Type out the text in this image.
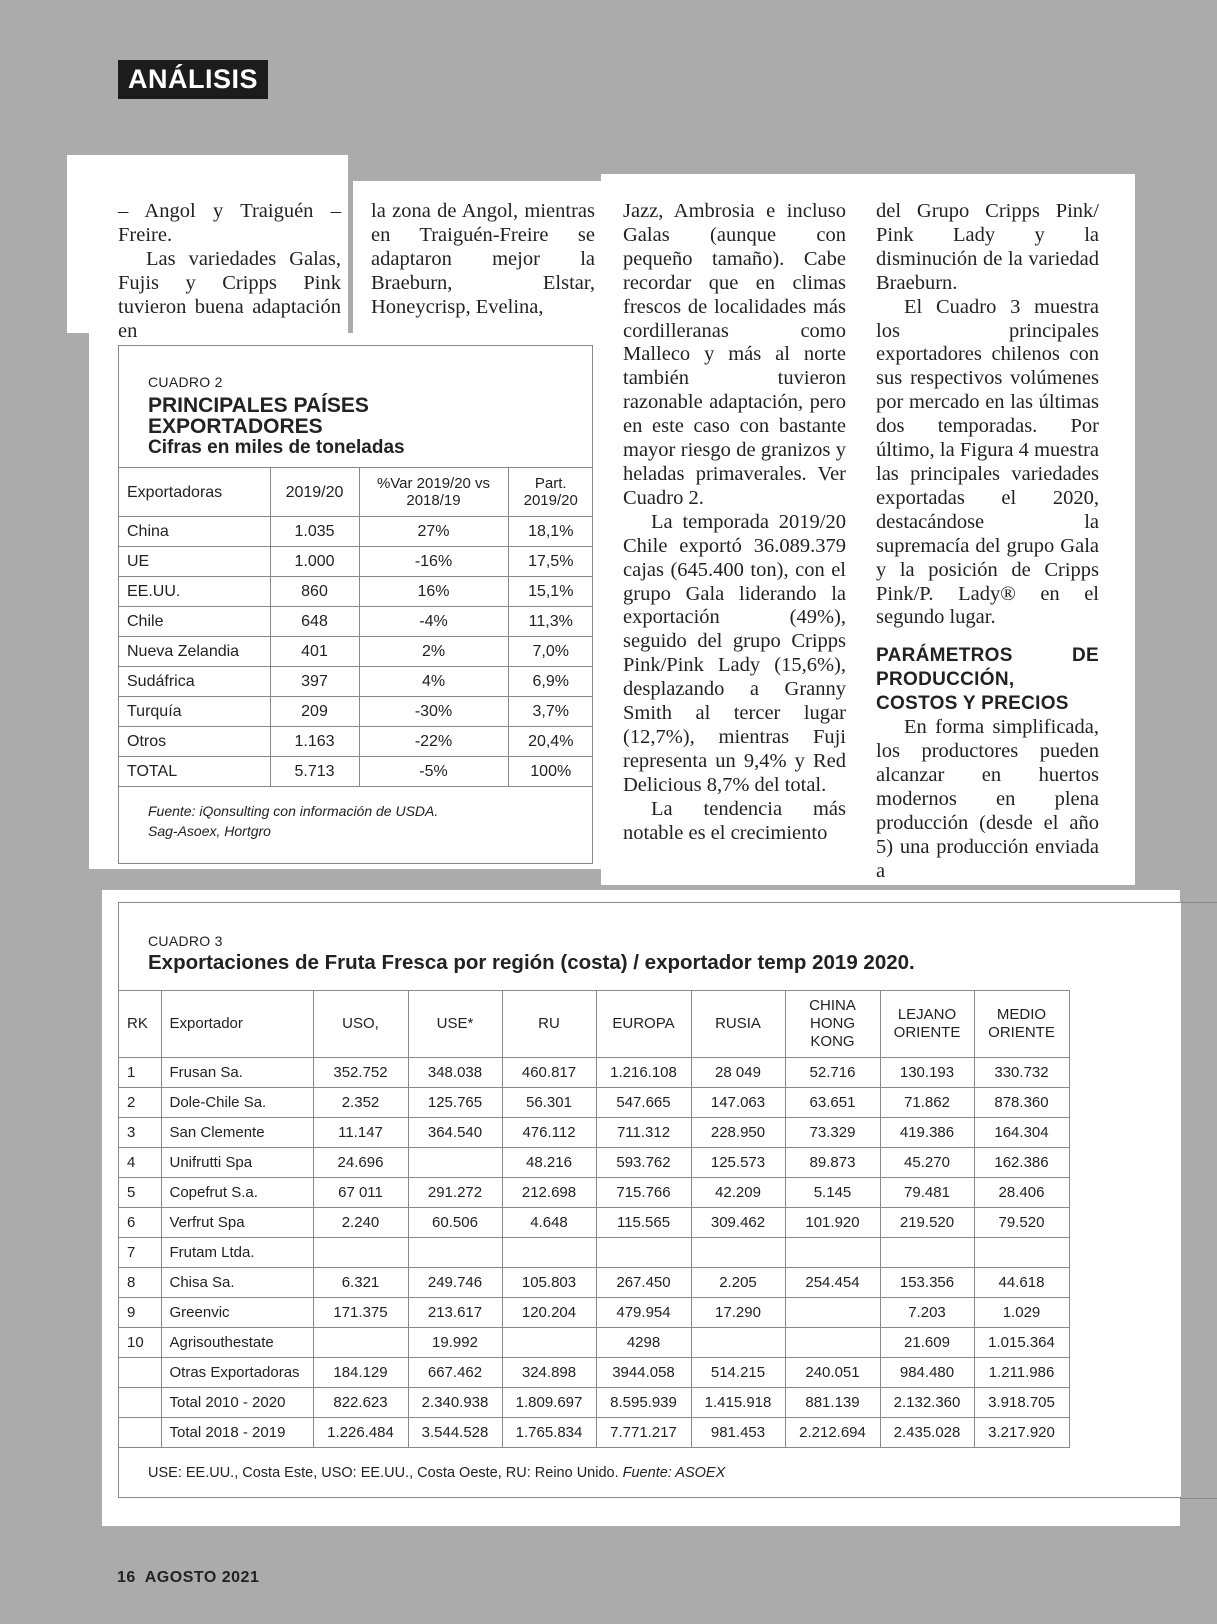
ANÁLISIS

– Angol y Traiguén – Freire.

Las variedades Galas, Fujis y Cripps Pink tuvieron buena adaptación en

la zona de Angol, mientras en Traiguén-Freire se adaptaron mejor la Braeburn, Elstar, Honeycrisp, Evelina,

Jazz, Ambrosia e incluso Galas (aunque con pequeño tamaño). Cabe recordar que en climas frescos de localidades más cordilleranas como Malleco y más al norte también tuvieron razonable adaptación, pero en este caso con bastante mayor riesgo de granizos y heladas primaverales. Ver Cuadro 2.

La temporada 2019/20 Chile exportó 36.089.379 cajas (645.400 ton), con el grupo Gala liderando la exportación (49%), seguido del grupo Cripps Pink/Pink Lady (15,6%), desplazando a Granny Smith al tercer lugar (12,7%), mientras Fuji representa un 9,4% y Red Delicious 8,7% del total.

La tendencia más notable es el crecimiento

del Grupo Cripps Pink/ Pink Lady y la disminución de la variedad Braeburn.

El Cuadro 3 muestra los principales exportadores chilenos con sus respectivos volúmenes por mercado en las últimas dos temporadas. Por último, la Figura 4 muestra las principales variedades exportadas el 2020, destacándose la supremacía del grupo Gala y la posición de Cripps Pink/P. Lady® en el segundo lugar.

PARÁMETROS DE PRODUCCIÓN, COSTOS Y PRECIOS

En forma simplificada, los productores pueden alcanzar en huertos modernos en plena producción (desde el año 5) una producción enviada a

CUADRO 2
PRINCIPALES PAÍSES
EXPORTADORES
Cifras en miles de toneladas
Exportadoras	2019/20	%Var 2019/20 vs 2018/19	Part. 2019/20
China	1.035	27%	18,1%
UE	1.000	-16%	17,5%
EE.UU.	860	16%	15,1%
Chile	648	-4%	11,3%
Nueva Zelandia	401	2%	7,0%
Sudáfrica	397	4%	6,9%
Turquía	209	-30%	3,7%
Otros	1.163	-22%	20,4%
TOTAL	5.713	-5%	100%
Fuente: iQonsulting con información de USDA.
Sag-Asoex, Hortgro
CUADRO 3
Exportaciones de Fruta Fresca por región (costa) / exportador temp 2019 2020.
RK	Exportador	USO,	USE*	RU	EUROPA	RUSIA	CHINA HONG KONG	LEJANO ORIENTE	MEDIO ORIENTE
1	Frusan Sa.	352.752	348.038	460.817	1.216.108	28 049	52.716	130.193	330.732
2	Dole-Chile Sa.	2.352	125.765	56.301	547.665	147.063	63.651	71.862	878.360
3	San Clemente	11.147	364.540	476.112	711.312	228.950	73.329	419.386	164.304
4	Unifrutti Spa	24.696		48.216	593.762	125.573	89.873	45.270	162.386
5	Copefrut S.a.	67 011	291.272	212.698	715.766	42.209	5.145	79.481	28.406
6	Verfrut Spa	2.240	60.506	4.648	115.565	309.462	101.920	219.520	79.520
7	Frutam Ltda.								
8	Chisa Sa.	6.321	249.746	105.803	267.450	2.205	254.454	153.356	44.618
9	Greenvic	171.375	213.617	120.204	479.954	17.290		7.203	1.029
10	Agrisouthestate		19.992		4298			21.609	1.015.364
	Otras Exportadoras	184.129	667.462	324.898	3944.058	514.215	240.051	984.480	1.211.986
	Total 2010 - 2020	822.623	2.340.938	1.809.697	8.595.939	1.415.918	881.139	2.132.360	3.918.705
	Total 2018 - 2019	1.226.484	3.544.528	1.765.834	7.771.217	981.453	2.212.694	2.435.028	3.217.920
USE: EE.UU., Costa Este, USO: EE.UU., Costa Oeste, RU: Reino Unido. Fuente: ASOEX
16 AGOSTO 2021
